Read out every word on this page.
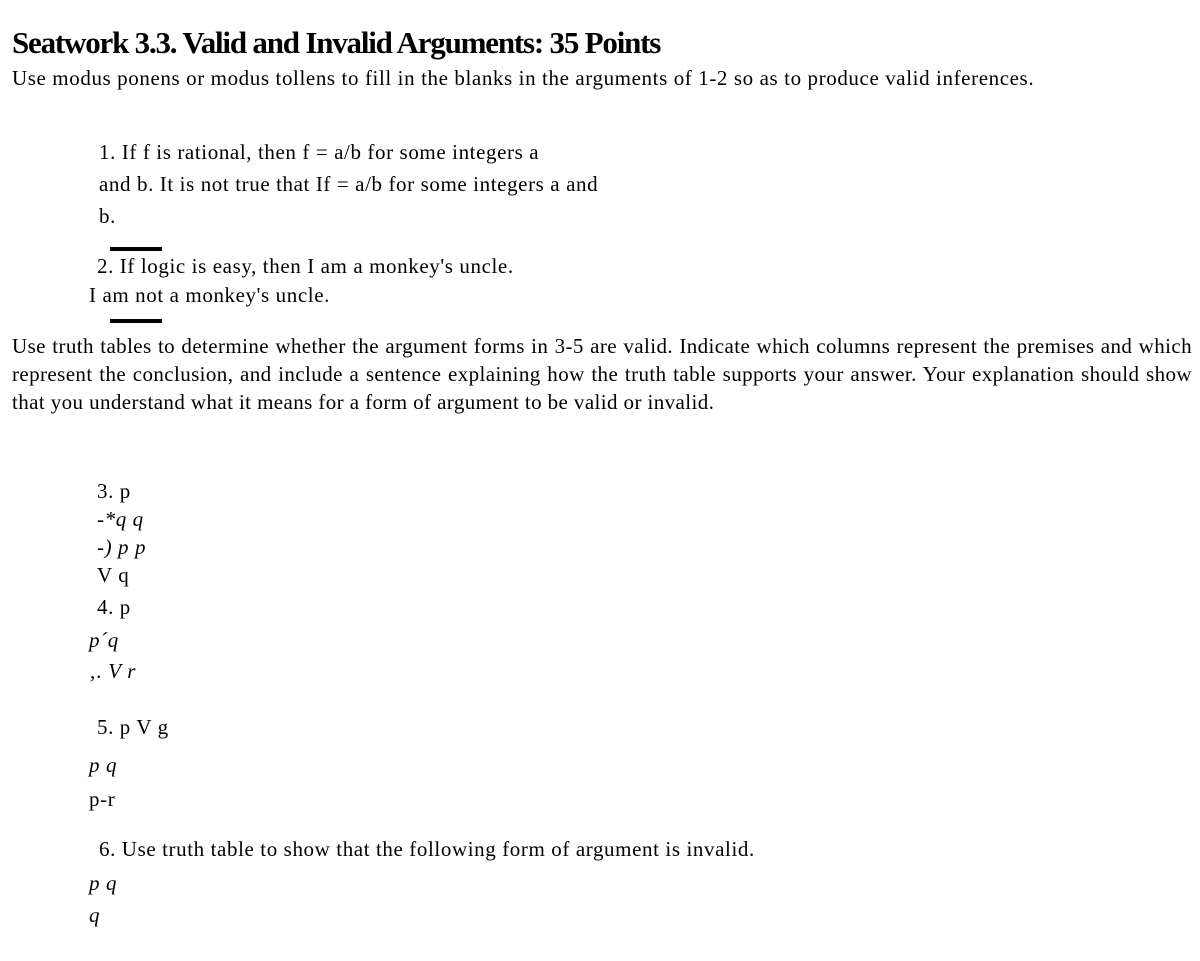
Seatwork 3.3. Valid and Invalid Arguments: 35 Points

Use modus ponens or modus tollens to fill in the blanks in the arguments of 1-2 so as to produce valid inferences.

1. If f is rational, then f = a/b for some integers a
and b. It is not true that If = a/b for some integers a and
b.
2. If logic is easy, then I am a monkey's uncle.
I am not a monkey's uncle.

Use truth tables to determine whether the argument forms in 3-5 are valid. Indicate which columns represent the premises and which represent the conclusion, and include a sentence explaining how the truth table supports your answer. Your explanation should show that you understand what it means for a form of argument to be valid or invalid.

3. p
-*q q
-) p p
V q
4. p
p´q
‚. V r
5. p V g
p q
p-r
6. Use truth table to show that the following form of argument is invalid.
p q
q
